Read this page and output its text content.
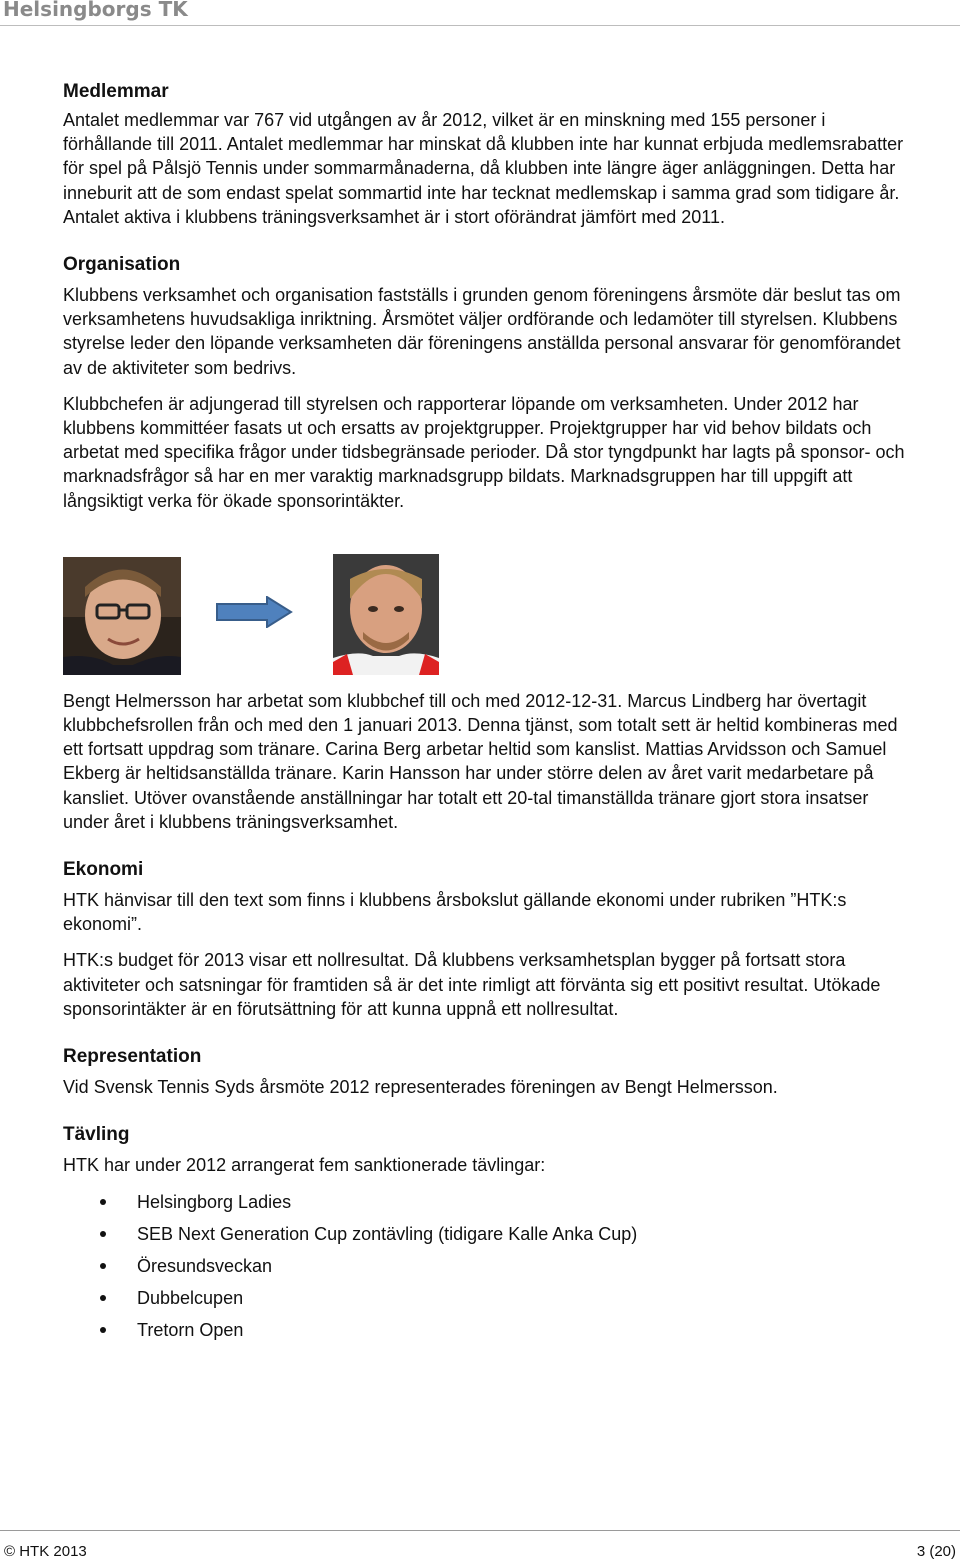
Helsingborgs TK
Medlemmar

Antalet medlemmar var 767 vid utgången av år 2012, vilket är en minskning med 155 personer i förhållande till 2011. Antalet medlemmar har minskat då klubben inte har kunnat erbjuda medlemsrabatter för spel på Pålsjö Tennis under sommarmånaderna, då klubben inte längre äger anläggningen. Detta har inneburit att de som endast spelat sommartid inte har tecknat medlemskap i samma grad som tidigare år. Antalet aktiva i klubbens träningsverksamhet är i stort oförändrat jämfört med 2011.

Organisation

Klubbens verksamhet och organisation fastställs i grunden genom föreningens årsmöte där beslut tas om verksamhetens huvudsakliga inriktning. Årsmötet väljer ordförande och ledamöter till styrelsen. Klubbens styrelse leder den löpande verksamheten där föreningens anställda personal ansvarar för genomförandet av de aktiviteter som bedrivs.

Klubbchefen är adjungerad till styrelsen och rapporterar löpande om verksamheten. Under 2012 har klubbens kommittéer fasats ut och ersatts av projektgrupper. Projektgrupper har vid behov bildats och arbetat med specifika frågor under tidsbegränsade perioder. Då stor tyngdpunkt har lagts på sponsor- och marknadsfrågor så har en mer varaktig marknadsgrupp bildats. Marknadsgruppen har till uppgift att långsiktigt verka för ökade sponsorintäkter.

Bengt Helmersson har arbetat som klubbchef till och med 2012-12-31. Marcus Lindberg har övertagit klubbchefsrollen från och med den 1 januari 2013. Denna tjänst, som totalt sett är heltid kombineras med ett fortsatt uppdrag som tränare. Carina Berg arbetar heltid som kanslist. Mattias Arvidsson och Samuel Ekberg är heltidsanställda tränare. Karin Hansson har under större delen av året varit medarbetare på kansliet. Utöver ovanstående anställningar har totalt ett 20-tal timanställda tränare gjort stora insatser under året i klubbens träningsverksamhet.

Ekonomi

HTK hänvisar till den text som finns i klubbens årsbokslut gällande ekonomi under rubriken ”HTK:s ekonomi”.

HTK:s budget för 2013 visar ett nollresultat. Då klubbens verksamhetsplan bygger på fortsatt stora aktiviteter och satsningar för framtiden så är det inte rimligt att förvänta sig ett positivt resultat. Utökade sponsorintäkter är en förutsättning för att kunna uppnå ett nollresultat.

Representation

Vid Svensk Tennis Syds årsmöte 2012 representerades föreningen av Bengt Helmersson.

Tävling

HTK har under 2012 arrangerat fem sanktionerade tävlingar:

Helsingborg Ladies
SEB Next Generation Cup zontävling (tidigare Kalle Anka Cup)
Öresundsveckan
Dubbelcupen
Tretorn Open
© HTK 2013	3 (20)
